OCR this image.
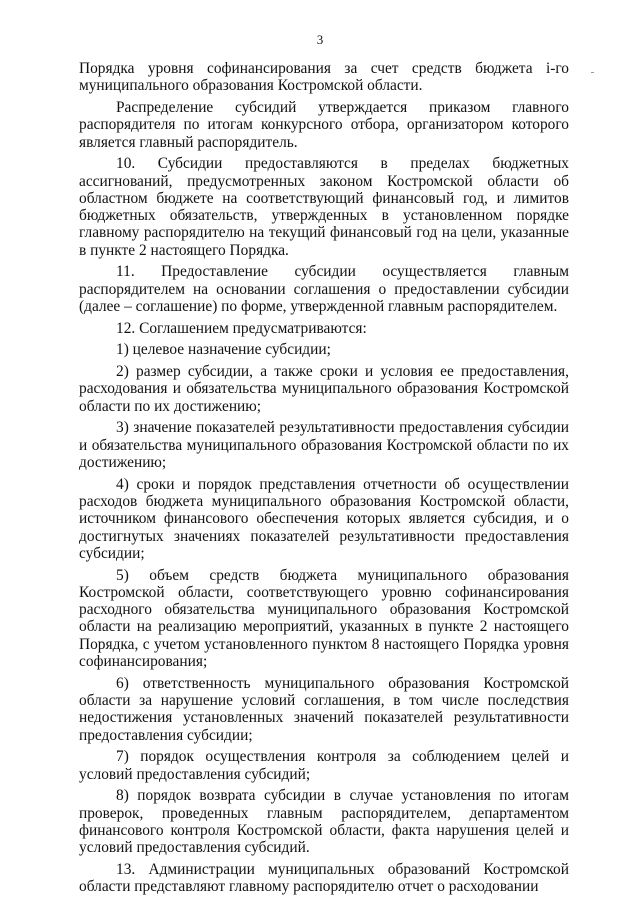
3

Порядка уровня софинансирования за счет средств бюджета i-го муниципального образования Костромской области.

Распределение субсидий утверждается приказом главного распорядителя по итогам конкурсного отбора, организатором которого является главный распорядитель.

10. Субсидии предоставляются в пределах бюджетных ассигнований, предусмотренных законом Костромской области об областном бюджете на соответствующий финансовый год, и лимитов бюджетных обязательств, утвержденных в установленном порядке главному распорядителю на текущий финансовый год на цели, указанные в пункте 2 настоящего Порядка.

11. Предоставление субсидии осуществляется главным распорядителем на основании соглашения о предоставлении субсидии (далее – соглашение) по форме, утвержденной главным распорядителем.

12. Соглашением предусматриваются:

1) целевое назначение субсидии;

2) размер субсидии, а также сроки и условия ее предоставления, расходования и обязательства муниципального образования Костромской области по их достижению;

3) значение показателей результативности предоставления субсидии и обязательства муниципального образования Костромской области по их достижению;

4) сроки и порядок представления отчетности об осуществлении расходов бюджета муниципального образования Костромской области, источником финансового обеспечения которых является субсидия, и о достигнутых значениях показателей результативности предоставления субсидии;

5) объем средств бюджета муниципального образования Костромской области, соответствующего уровню софинансирования расходного обязательства муниципального образования Костромской области на реализацию мероприятий, указанных в пункте 2 настоящего Порядка, с учетом установленного пунктом 8 настоящего Порядка уровня софинансирования;

6) ответственность муниципального образования Костромской области за нарушение условий соглашения, в том числе последствия недостижения установленных значений показателей результативности предоставления субсидии;

7) порядок осуществления контроля за соблюдением целей и условий предоставления субсидий;

8) порядок возврата субсидии в случае установления по итогам проверок, проведенных главным распорядителем, департаментом финансового контроля Костромской области, факта нарушения целей и условий предоставления субсидий.

13. Администрации муниципальных образований Костромской области представляют главному распорядителю отчет о расходовании
